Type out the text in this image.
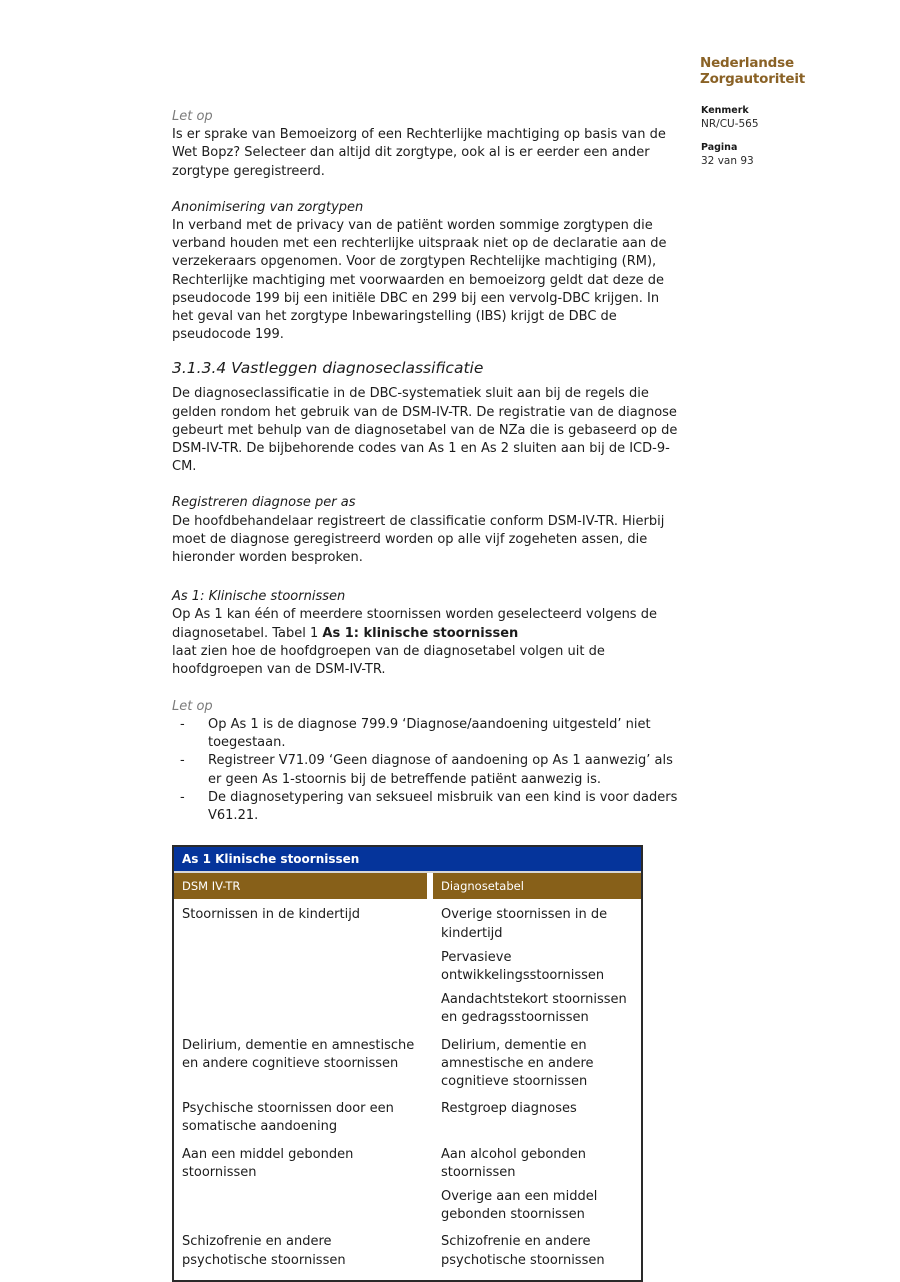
Nederlandse Zorgautoriteit
Kenmerk
NR/CU-565
Pagina
32 van 93
Let op

Is er sprake van Bemoeizorg of een Rechterlijke machtiging op basis van de Wet Bopz? Selecteer dan altijd dit zorgtype, ook al is er eerder een ander zorgtype geregistreerd.

Anonimisering van zorgtypen

In verband met de privacy van de patiënt worden sommige zorgtypen die verband houden met een rechterlijke uitspraak niet op de declaratie aan de verzekeraars opgenomen. Voor de zorgtypen Rechtelijke machtiging (RM), Rechterlijke machtiging met voorwaarden en bemoeizorg geldt dat deze de pseudocode 199 bij een initiële DBC en 299 bij een vervolg-DBC krijgen. In het geval van het zorgtype Inbewaringstelling (IBS) krijgt de DBC de pseudocode 199.

3.1.3.4 Vastleggen diagnoseclassificatie

De diagnoseclassificatie in de DBC-systematiek sluit aan bij de regels die gelden rondom het gebruik van de DSM-IV-TR. De registratie van de diagnose gebeurt met behulp van de diagnosetabel van de NZa die is gebaseerd op de DSM-IV-TR. De bijbehorende codes van As 1 en As 2 sluiten aan bij de ICD-9-CM.

Registreren diagnose per as

De hoofdbehandelaar registreert de classificatie conform DSM-IV-TR. Hierbij moet de diagnose geregistreerd worden op alle vijf zogeheten assen, die hieronder worden besproken.

As 1: Klinische stoornissen

Op As 1 kan één of meerdere stoornissen worden geselecteerd volgens de diagnosetabel. Tabel 1 As 1: klinische stoornissen
laat zien hoe de hoofdgroepen van de diagnosetabel volgen uit de hoofdgroepen van de DSM-IV-TR.

Let op
- Op As 1 is de diagnose 799.9 ‘Diagnose/aandoening uitgesteld’ niet toegestaan.
- Registreer V71.09 ‘Geen diagnose of aandoening op As 1 aanwezig’ als er geen As 1-stoornis bij de betreffende patiënt aanwezig is.
- De diagnosetypering van seksueel misbruik van een kind is voor daders V61.21.
As 1 Klinische stoornissen
DSM IV-TR	Diagnosetabel

Stoornissen in de kindertijd	Overige stoornissen in de kindertijd

Pervasieve ontwikkelingsstoornissen

Aandachtstekort stoornissen en gedragsstoornissen

Delirium, dementie en amnestische en andere cognitieve stoornissen

Delirium, dementie en amnestische en andere cognitieve stoornissen

Psychische stoornissen door een somatische aandoening

Restgroep diagnoses

Aan een middel gebonden stoornissen

Aan alcohol gebonden stoornissen

Overige aan een middel gebonden stoornissen

Schizofrenie en andere psychotische stoornissen

Schizofrenie en andere psychotische stoornissen
